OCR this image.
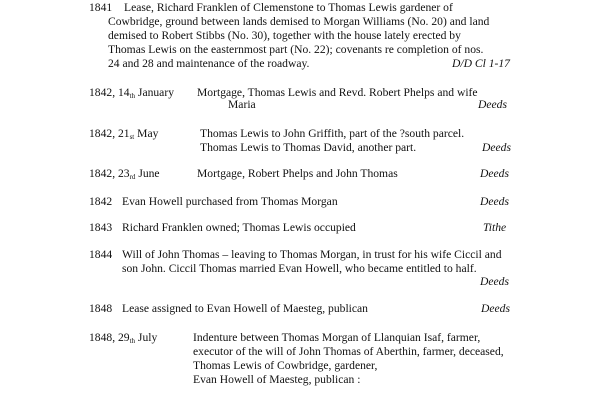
1841 Lease, Richard Franklen of Clemenstone to Thomas Lewis gardener of
Cowbridge, ground between lands demised to Morgan Williams (No. 20) and land
demised to Robert Stibbs (No. 30), together with the house lately erected by
Thomas Lewis on the easternmost part (No. 22); covenants re completion of nos.
24 and 28 and maintenance of the roadway.	D/D Cl 1-17
1842, 14th January Mortgage, Thomas Lewis and Revd. Robert Phelps and wife
Maria	Deeds
1842, 21st May	Thomas Lewis to John Griffith, part of the ?south parcel.
Thomas Lewis to Thomas David, another part.	Deeds
1842, 23rd June	Mortgage, Robert Phelps and John Thomas	Deeds
1842 Evan Howell purchased from Thomas Morgan	Deeds
1843 Richard Franklen owned; Thomas Lewis occupied	Tithe
1844 Will of John Thomas – leaving to Thomas Morgan, in trust for his wife Ciccil and
son John. Ciccil Thomas married Evan Howell, who became entitled to half.
Deeds
1848 Lease assigned to Evan Howell of Maesteg, publican	Deeds
1848, 29th July	Indenture between Thomas Morgan of Llanquian Isaf, farmer,
executor of the will of John Thomas of Aberthin, farmer, deceased,
Thomas Lewis of Cowbridge, gardener,
Evan Howell of Maesteg, publican :
